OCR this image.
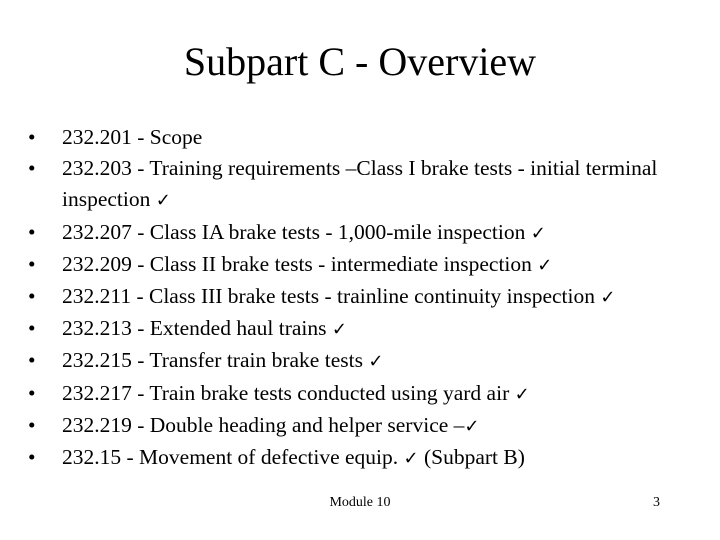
Subpart C - Overview
•	232.201 - Scope
•	232.203 - Training requirements –Class I brake tests - initial terminal inspection ✓
•	232.207 - Class IA brake tests - 1,000-mile inspection ✓
•	232.209 - Class II brake tests - intermediate inspection ✓
•	232.211 - Class III brake tests - trainline continuity inspection ✓
•	232.213 - Extended haul trains ✓
•	232.215 - Transfer train brake tests ✓
•	232.217 - Train brake tests conducted using yard air ✓
•	232.219 - Double heading and helper service –✓
•	232.15 - Movement of defective equip. ✓ (Subpart B)
Module 10	3
